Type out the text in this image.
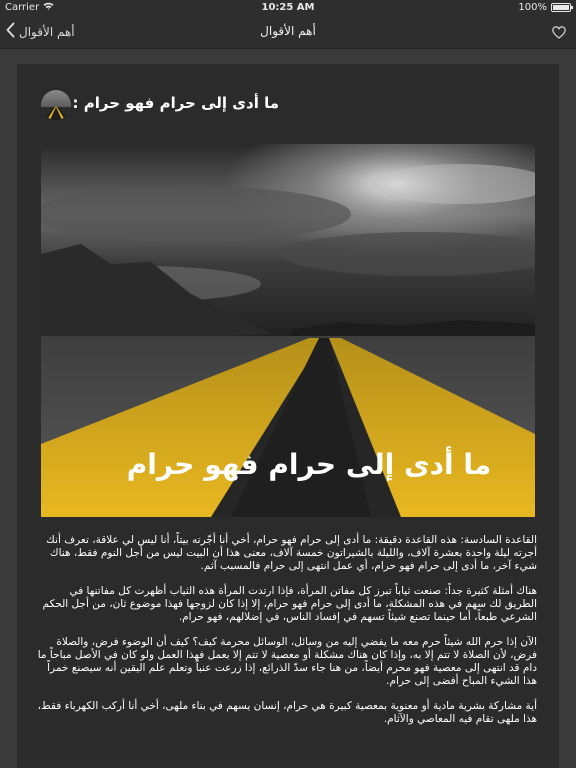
Carrier	10:25 AM	100%
أهم الأقوال	أهم الأقوال
ما أدى إلى حرام فهو حرام :
ما أدى إلى حرام فهو حرام

القاعدة السادسة: هذه القاعدة دقيقة: ما أدى إلى حرام فهو حرام، أخي أنا أجّرته بيتاً، أنا ليس لي علاقة، تعرف أنك أجرته ليلة واحدة بعشرة آلاف، والليلة بالشيراتون خمسة آلاف، معنى هذا أن البيت ليس من أجل النوم فقط، هناك شيء آخر، ما أدى إلى حرام فهو حرام، أي عمل انتهى إلى حرام فالمسبب آثم.

هناك أمثلة كثيرة جداً: صنعت ثياباً تبرز كل مفاتن المرأة، فإذا ارتدت المرأة هذه الثياب أظهرت كل مفاتنها في الطريق لك سهم في هذه المشكلة، ما أدى إلى حرام فهو حرام، إلا إذا كان لزوجها فهذا موضوع ثان، من أجل الحكم الشرعي طبعاً، أما حينما تصنع شيئاً تسهم في إفساد الناس، في إضلالهم، فهو حرام.

الآن إذا حرم الله شيئاً حرم معه ما يفضي إليه من وسائل، الوسائل محرمة كيف؟ كيف أن الوضوء فرض، والصلاة فرض، لأن الصلاة لا تتم إلا به، وإذا كان هناك مشكلة أو معصية لا تتم إلا بعمل فهذا العمل ولو كان في الأصل مباحاً ما دام قد انتهى إلى معصية فهو محرم أيضاً، من هنا جاء سدّ الذرائع، إذا زرعت عنباً وتعلم علم اليقين أنه سيصنع خمراً هذا الشيء المباح أفضى إلى حرام.

أية مشاركة بشرية مادية أو معنوية بمعصية كبيرة هي حرام، إنسان يسهم في بناء ملهى، أخي أنا أركب الكهرباء فقط، هذا ملهى تقام فيه المعاصي والآثام.
